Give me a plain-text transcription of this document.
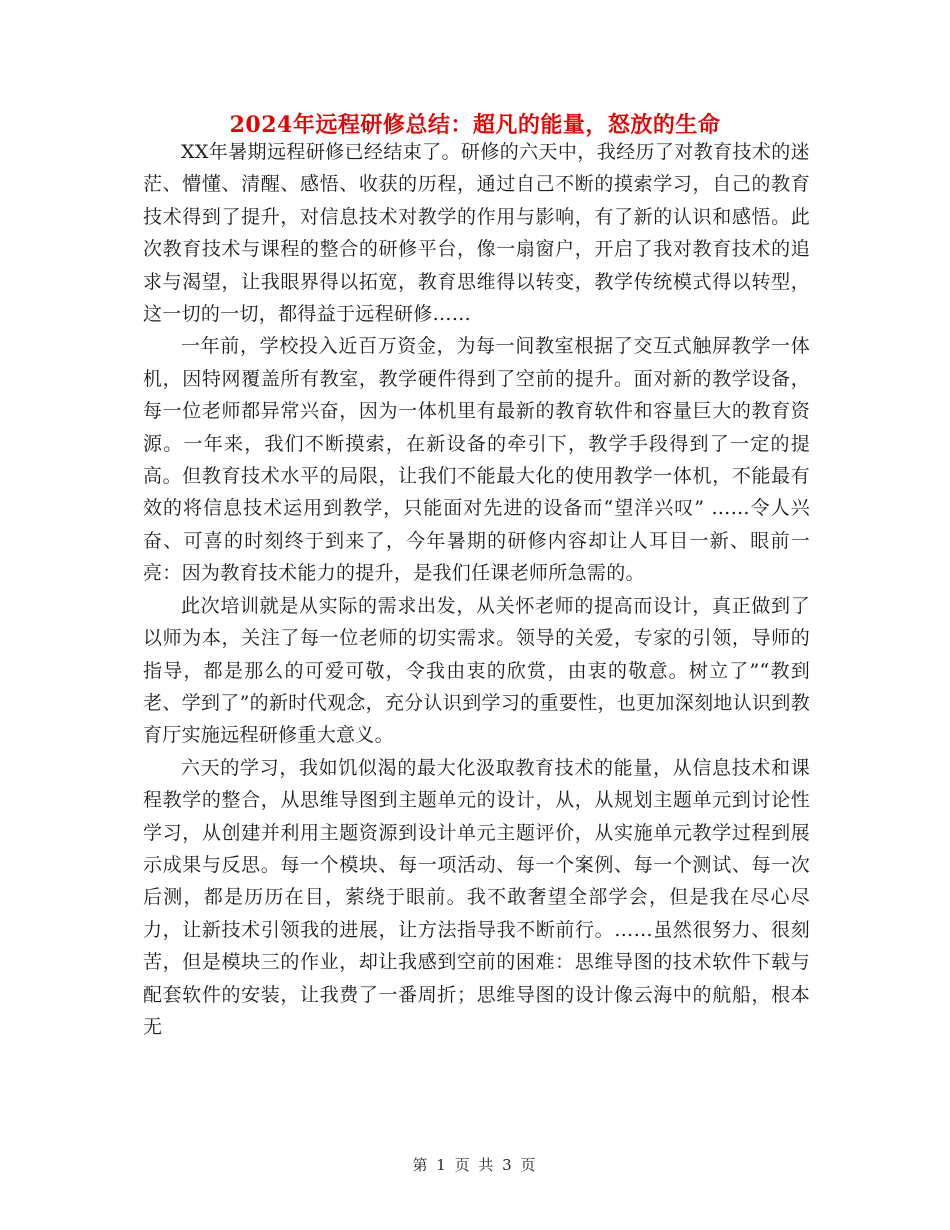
2024年远程研修总结：超凡的能量，怒放的生命

XX年暑期远程研修已经结束了。研修的六天中，我经历了对教育技术的迷茫、懵懂、清醒、感悟、收获的历程，通过自己不断的摸索学习，自己的教育技术得到了提升，对信息技术对教学的作用与影响，有了新的认识和感悟。此次教育技术与课程的整合的研修平台，像一扇窗户，开启了我对教育技术的追求与渴望，让我眼界得以拓宽，教育思维得以转变，教学传统模式得以转型，这一切的一切，都得益于远程研修……

一年前，学校投入近百万资金，为每一间教室根据了交互式触屏教学一体机，因特网覆盖所有教室，教学硬件得到了空前的提升。面对新的教学设备，每一位老师都异常兴奋，因为一体机里有最新的教育软件和容量巨大的教育资源。一年来，我们不断摸索，在新设备的牵引下，教学手段得到了一定的提高。但教育技术水平的局限，让我们不能最大化的使用教学一体机，不能最有效的将信息技术运用到教学，只能面对先进的设备而“望洋兴叹” ……令人兴奋、可喜的时刻终于到来了，今年暑期的研修内容却让人耳目一新、眼前一亮：因为教育技术能力的提升，是我们任课老师所急需的。

此次培训就是从实际的需求出发，从关怀老师的提高而设计，真正做到了以师为本，关注了每一位老师的切实需求。领导的关爱，专家的引领，导师的指导，都是那么的可爱可敬，令我由衷的欣赏，由衷的敬意。树立了”“教到老、学到了”的新时代观念，充分认识到学习的重要性，也更加深刻地认识到教育厅实施远程研修重大意义。

六天的学习，我如饥似渴的最大化汲取教育技术的能量，从信息技术和课程教学的整合，从思维导图到主题单元的设计，从，从规划主题单元到讨论性学习，从创建并利用主题资源到设计单元主题评价，从实施单元教学过程到展示成果与反思。每一个模块、每一项活动、每一个案例、每一个测试、每一次后测，都是历历在目，萦绕于眼前。我不敢奢望全部学会，但是我在尽心尽力，让新技术引领我的进展，让方法指导我不断前行。……虽然很努力、很刻苦，但是模块三的作业，却让我感到空前的困难：思维导图的技术软件下载与配套软件的安装，让我费了一番周折；思维导图的设计像云海中的航船，根本无

第 1 页 共 3 页
